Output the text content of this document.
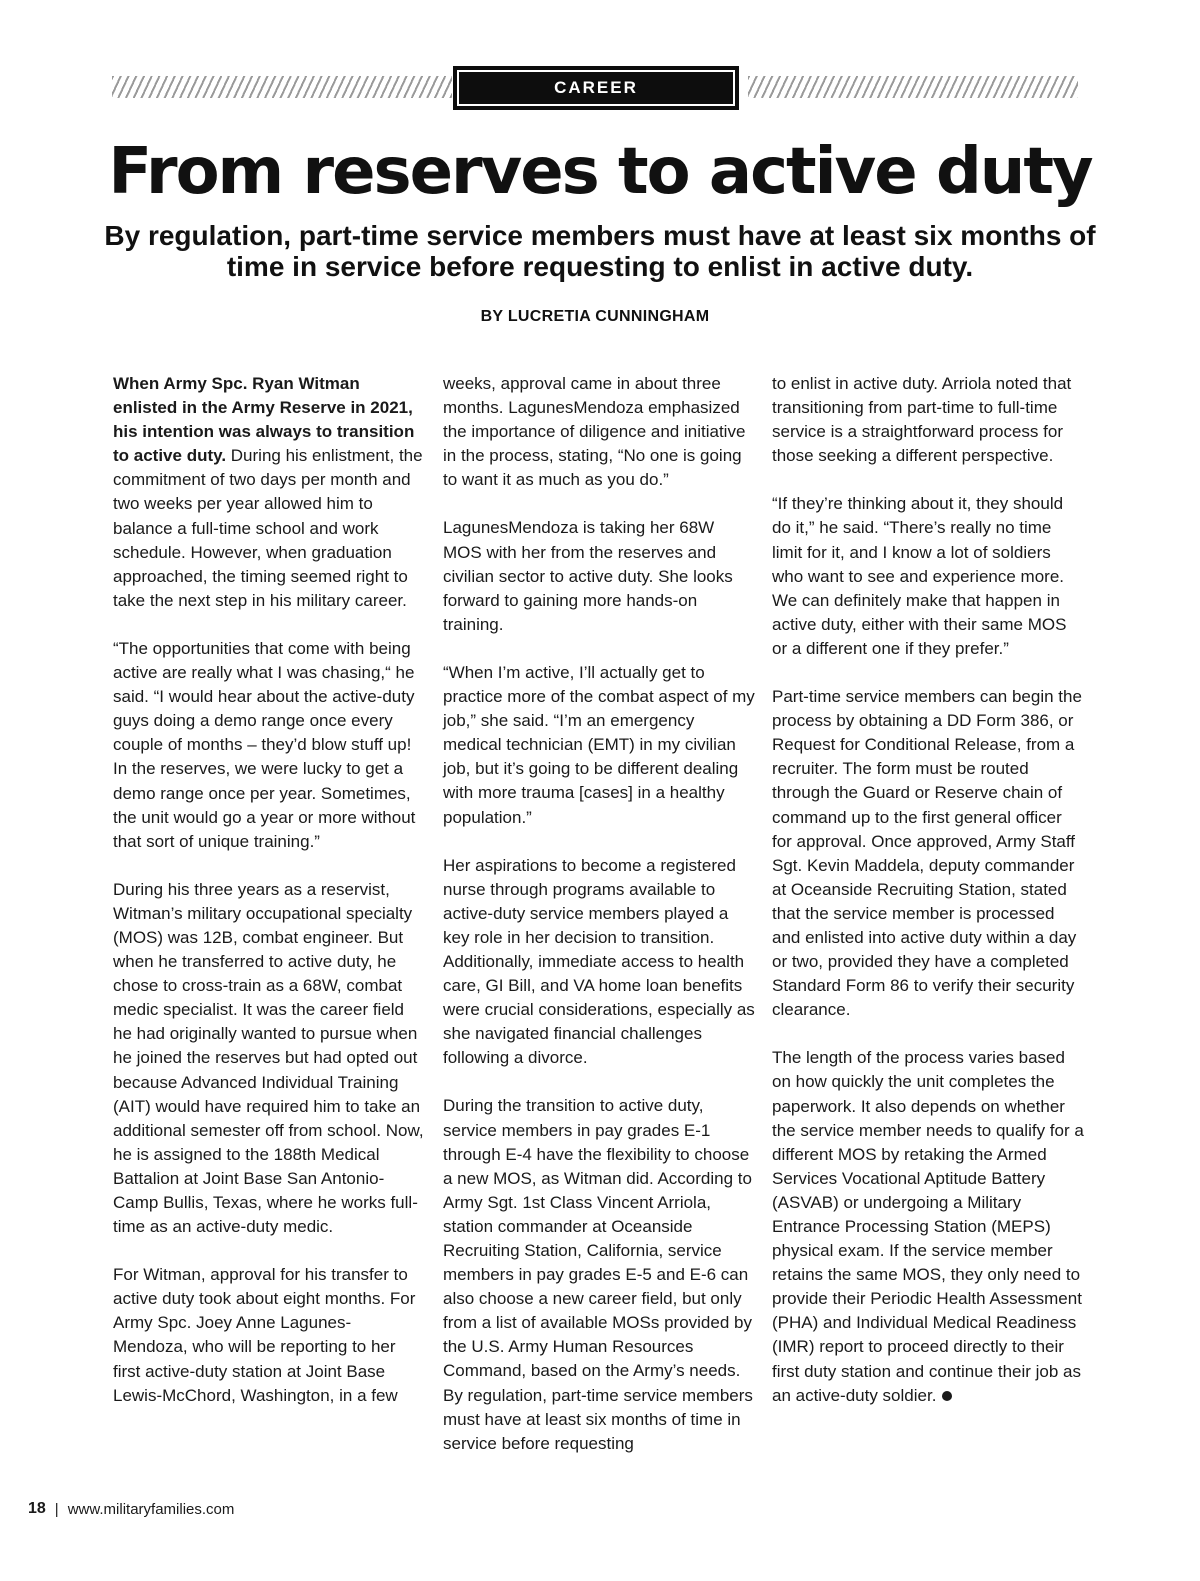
CAREER
From reserves to active duty

By regulation, part-time service members must have at least six months of time in service before requesting to enlist in active duty.

BY LUCRETIA CUNNINGHAM

When Army Spc. Ryan Witman enlisted in the Army Reserve in 2021, his intention was always to transition to active duty. During his enlistment, the commitment of two days per month and two weeks per year allowed him to balance a full-time school and work schedule. However, when graduation approached, the timing seemed right to take the next step in his military career.

“The opportunities that come with being active are really what I was chasing,“ he said. “I would hear about the active-duty guys doing a demo range once every couple of months – they’d blow stuff up! In the reserves, we were lucky to get a demo range once per year. Sometimes, the unit would go a year or more without that sort of unique training.”

During his three years as a reservist, Witman’s military occupational specialty (MOS) was 12B, combat engineer. But when he transferred to active duty, he chose to cross-train as a 68W, combat medic specialist. It was the career field he had originally wanted to pursue when he joined the reserves but had opted out because Advanced Individual Training (AIT) would have required him to take an additional semester off from school. Now, he is assigned to the 188th Medical Battalion at Joint Base San Antonio-Camp Bullis, Texas, where he works full-time as an active-duty medic.

For Witman, approval for his transfer to active duty took about eight months. For Army Spc. Joey Anne Lagunes-Mendoza, who will be reporting to her first active-duty station at Joint Base Lewis-McChord, Washington, in a few

weeks, approval came in about three months. LagunesMendoza emphasized the importance of diligence and initiative in the process, stating, “No one is going to want it as much as you do.”

LagunesMendoza is taking her 68W MOS with her from the reserves and civilian sector to active duty. She looks forward to gaining more hands-on training.

“When I’m active, I’ll actually get to practice more of the combat aspect of my job,” she said. “I’m an emergency medical technician (EMT) in my civilian job, but it’s going to be different dealing with more trauma [cases] in a healthy population.”

Her aspirations to become a registered nurse through programs available to active-duty service members played a key role in her decision to transition. Additionally, immediate access to health care, GI Bill, and VA home loan benefits were crucial considerations, especially as she navigated financial challenges following a divorce.

During the transition to active duty, service members in pay grades E-1 through E-4 have the flexibility to choose a new MOS, as Witman did. According to Army Sgt. 1st Class Vincent Arriola, station commander at Oceanside Recruiting Station, California, service members in pay grades E-5 and E-6 can also choose a new career field, but only from a list of available MOSs provided by the U.S. Army Human Resources Command, based on the Army’s needs. By regulation, part-time service members must have at least six months of time in service before requesting

to enlist in active duty. Arriola noted that transitioning from part-time to full-time service is a straightforward process for those seeking a different perspective.

“If they’re thinking about it, they should do it,” he said. “There’s really no time limit for it, and I know a lot of soldiers who want to see and experience more. We can definitely make that happen in active duty, either with their same MOS or a different one if they prefer.”

Part-time service members can begin the process by obtaining a DD Form 386, or Request for Conditional Release, from a recruiter. The form must be routed through the Guard or Reserve chain of command up to the first general officer for approval. Once approved, Army Staff Sgt. Kevin Maddela, deputy commander at Oceanside Recruiting Station, stated that the service member is processed and enlisted into active duty within a day or two, provided they have a completed Standard Form 86 to verify their security clearance.

The length of the process varies based on how quickly the unit completes the paperwork. It also depends on whether the service member needs to qualify for a different MOS by retaking the Armed Services Vocational Aptitude Battery (ASVAB) or undergoing a Military Entrance Processing Station (MEPS) physical exam. If the service member retains the same MOS, they only need to provide their Periodic Health Assessment (PHA) and Individual Medical Readiness (IMR) report to proceed directly to their first duty station and continue their job as an active-duty soldier.

18 | www.militaryfamilies.com
